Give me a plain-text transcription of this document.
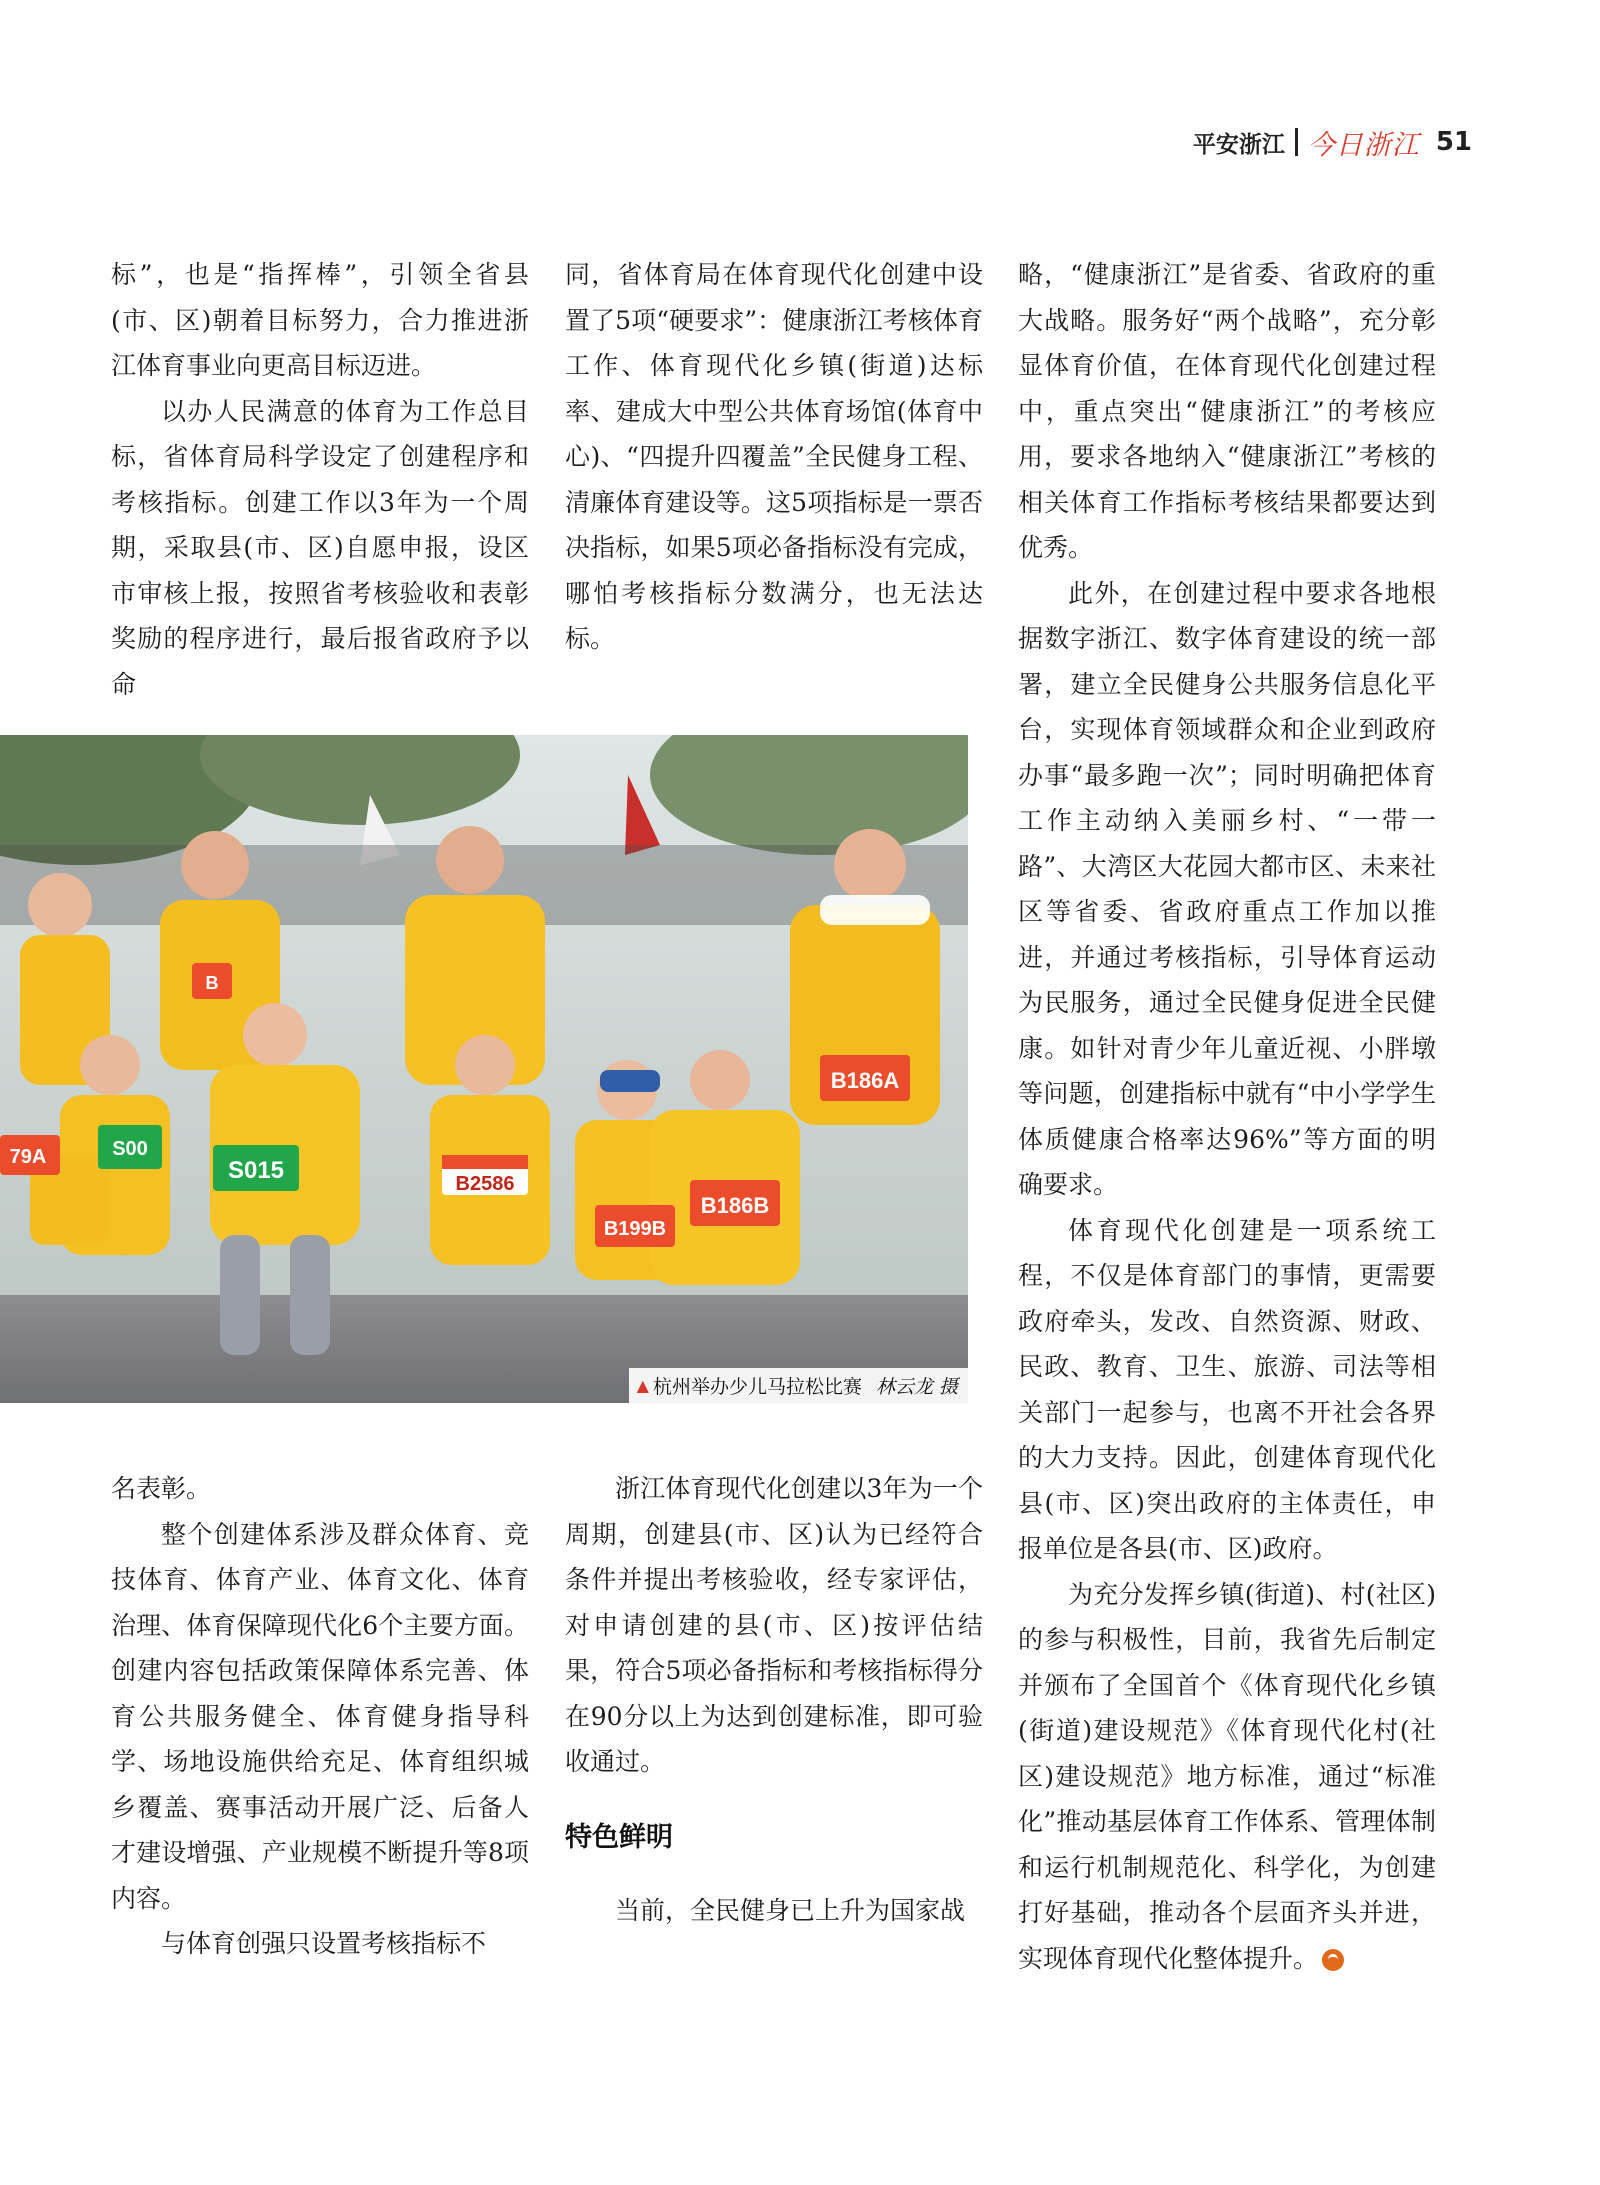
平安浙江 今日浙江 51

标”，也是“指挥棒”，引领全省县(市、区)朝着目标努力，合力推进浙江体育事业向更高目标迈进。

以办人民满意的体育为工作总目标，省体育局科学设定了创建程序和考核指标。创建工作以3年为一个周期，采取县(市、区)自愿申报，设区市审核上报，按照省考核验收和表彰奖励的程序进行，最后报省政府予以命

同，省体育局在体育现代化创建中设置了5项“硬要求”：健康浙江考核体育工作、体育现代化乡镇(街道)达标率、建成大中型公共体育场馆(体育中心)、“四提升四覆盖”全民健身工程、清廉体育建设等。这5项指标是一票否决指标，如果5项必备指标没有完成，哪怕考核指标分数满分，也无法达标。

略，“健康浙江”是省委、省政府的重大战略。服务好“两个战略”，充分彰显体育价值，在体育现代化创建过程中，重点突出“健康浙江”的考核应用，要求各地纳入“健康浙江”考核的相关体育工作指标考核结果都要达到优秀。

此外，在创建过程中要求各地根据数字浙江、数字体育建设的统一部署，建立全民健身公共服务信息化平台，实现体育领域群众和企业到政府办事“最多跑一次”；同时明确把体育工作主动纳入美丽乡村、“一带一路”、大湾区大花园大都市区、未来社区等省委、省政府重点工作加以推进，并通过考核指标，引导体育运动为民服务，通过全民健身促进全民健康。如针对青少年儿童近视、小胖墩等问题，创建指标中就有“中小学学生体质健康合格率达96%”等方面的明确要求。

体育现代化创建是一项系统工程，不仅是体育部门的事情，更需要政府牵头，发改、自然资源、财政、民政、教育、卫生、旅游、司法等相关部门一起参与，也离不开社会各界的大力支持。因此，创建体育现代化县(市、区)突出政府的主体责任，申报单位是各县(市、区)政府。

为充分发挥乡镇(街道)、村(社区)的参与积极性，目前，我省先后制定并颁布了全国首个《体育现代化乡镇(街道)建设规范》《体育现代化村(社区)建设规范》地方标准，通过“标准化”推动基层体育工作体系、管理体制和运行机制规范化、科学化，为创建打好基础，推动各个层面齐头并进，实现体育现代化整体提升。

S015	B2586
B199B
B186B
B186A
S00
79A
B
▲ 杭州举办少儿马拉松比赛 林云龙 摄

名表彰。

整个创建体系涉及群众体育、竞技体育、体育产业、体育文化、体育治理、体育保障现代化6个主要方面。创建内容包括政策保障体系完善、体育公共服务健全、体育健身指导科学、场地设施供给充足、体育组织城乡覆盖、赛事活动开展广泛、后备人才建设增强、产业规模不断提升等8项内容。

与体育创强只设置考核指标不

浙江体育现代化创建以3年为一个周期，创建县(市、区)认为已经符合条件并提出考核验收，经专家评估，对申请创建的县(市、区)按评估结果，符合5项必备指标和考核指标得分在90分以上为达到创建标准，即可验收通过。

特色鲜明

当前，全民健身已上升为国家战
